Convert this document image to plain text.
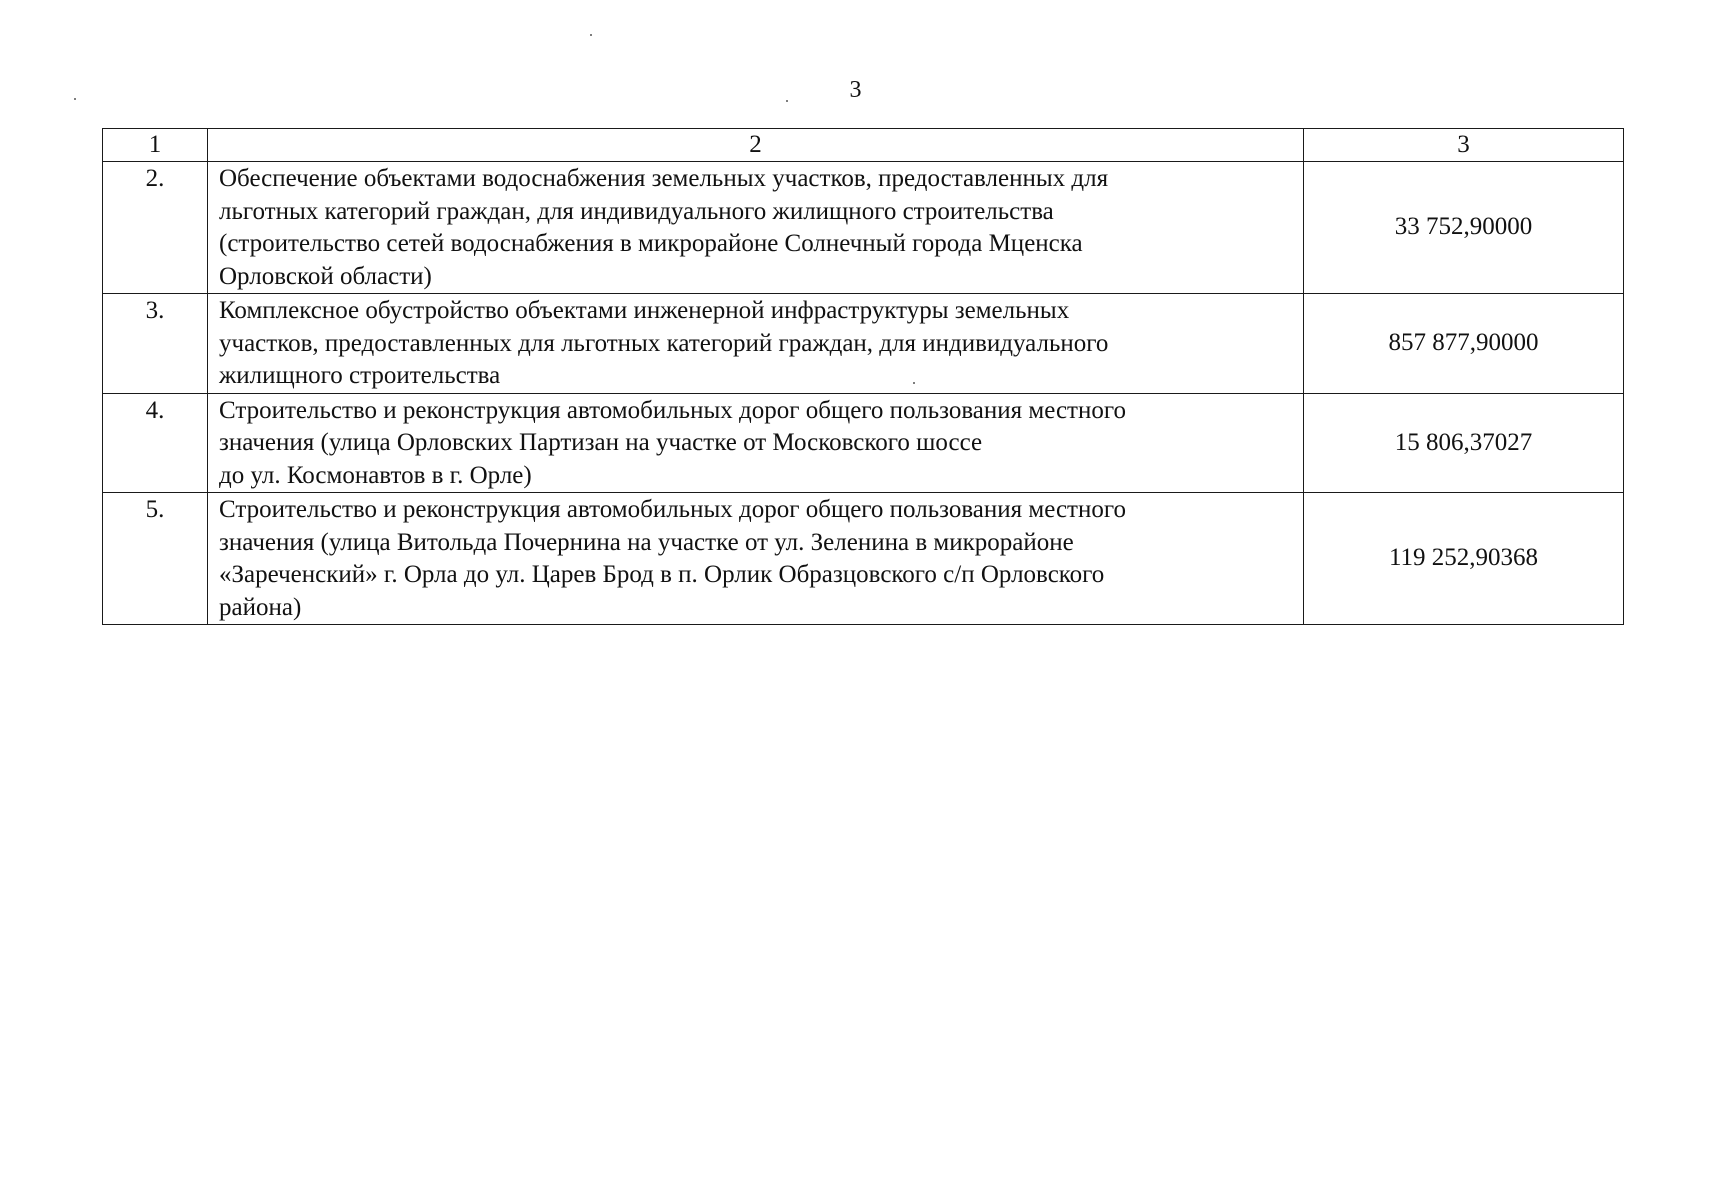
3
1	2	3
2.	Обеспечение объектами водоснабжения земельных участков, предоставленных для
льготных категорий граждан, для индивидуального жилищного строительства
(строительство сетей водоснабжения в микрорайоне Солнечный города Мценска
Орловской области)	33 752,90000
3.	Комплексное обустройство объектами инженерной инфраструктуры земельных
участков, предоставленных для льготных категорий граждан, для индивидуального
жилищного строительства	857 877,90000
4.	Строительство и реконструкция автомобильных дорог общего пользования местного
значения (улица Орловских Партизан на участке от Московского шоссе
до ул. Космонавтов в г. Орле)	15 806,37027
5.	Строительство и реконструкция автомобильных дорог общего пользования местного
значения (улица Витольда Почернина на участке от ул. Зеленина в микрорайоне
«Зареченский» г. Орла до ул. Царев Брод в п. Орлик Образцовского с/п Орловского
района)	119 252,90368
